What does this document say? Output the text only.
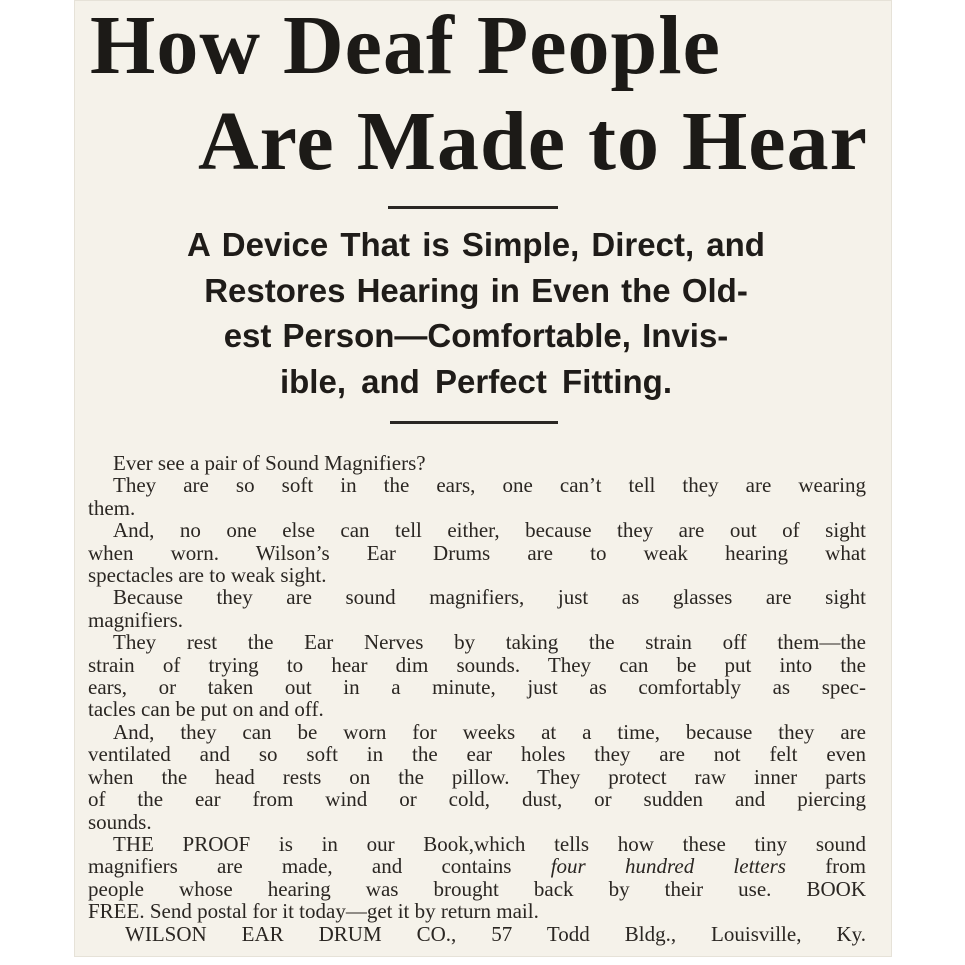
How Deaf People
Are Made to Hear
A Device That is Simple, Direct, and
Restores Hearing in Even the Old-
est Person—Comfortable, Invis-
ible, and Perfect Fitting.
Ever see a pair of Sound Magnifiers?
They are so soft in the ears, one can’t tell they are wearing
them.
And, no one else can tell either, because they are out of sight
when worn. Wilson’s Ear Drums are to weak hearing what
spectacles are to weak sight.
Because they are sound magnifiers, just as glasses are sight
magnifiers.
They rest the Ear Nerves by taking the strain off them—the
strain of trying to hear dim sounds. They can be put into the
ears, or taken out in a minute, just as comfortably as spec-
tacles can be put on and off.
And, they can be worn for weeks at a time, because they are
ventilated and so soft in the ear holes they are not felt even
when the head rests on the pillow. They protect raw inner parts
of the ear from wind or cold, dust, or sudden and piercing
sounds.
THE PROOF is in our Book,which tells how these tiny sound
magnifiers are made, and contains four hundred letters from
people whose hearing was brought back by their use. BOOK
FREE. Send postal for it today—get it by return mail.
WILSON EAR DRUM CO., 57 Todd Bldg., Louisville, Ky.
